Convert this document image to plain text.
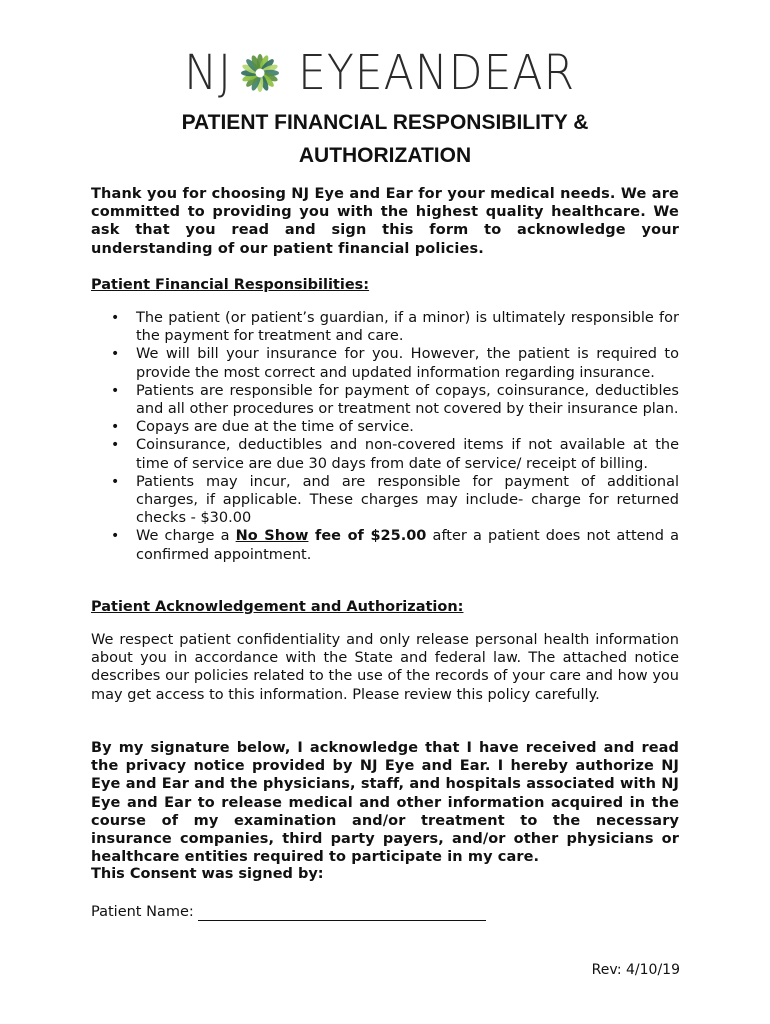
NJ EYEANDEAR
PATIENT FINANCIAL RESPONSIBILITY &
AUTHORIZATION
Thank you for choosing NJ Eye and Ear for your medical needs. We are committed to providing you with the highest quality healthcare. We ask that you read and sign this form to acknowledge your understanding of our patient financial policies.
Patient Financial Responsibilities:
• The patient (or patient’s guardian, if a minor) is ultimately responsible for the payment for treatment and care.
• We will bill your insurance for you. However, the patient is required to provide the most correct and updated information regarding insurance.
• Patients are responsible for payment of copays, coinsurance, deductibles and all other procedures or treatment not covered by their insurance plan.
• Copays are due at the time of service.
• Coinsurance, deductibles and non-covered items if not available at the time of service are due 30 days from date of service/ receipt of billing.
• Patients may incur, and are responsible for payment of additional charges, if applicable. These charges may include- charge for returned checks - $30.00
• We charge a No Show fee of $25.00 after a patient does not attend a confirmed appointment.
Patient Acknowledgement and Authorization:
We respect patient confidentiality and only release personal health information about you in accordance with the State and federal law. The attached notice describes our policies related to the use of the records of your care and how you may get access to this information. Please review this policy carefully.
By my signature below, I acknowledge that I have received and read the privacy notice provided by NJ Eye and Ear. I hereby authorize NJ Eye and Ear and the physicians, staff, and hospitals associated with NJ Eye and Ear to release medical and other information acquired in the course of my examination and/or treatment to the necessary insurance companies, third party payers, and/or other physicians or healthcare entities required to participate in my care.
This Consent was signed by:
Patient Name:
Rev: 4/10/19
